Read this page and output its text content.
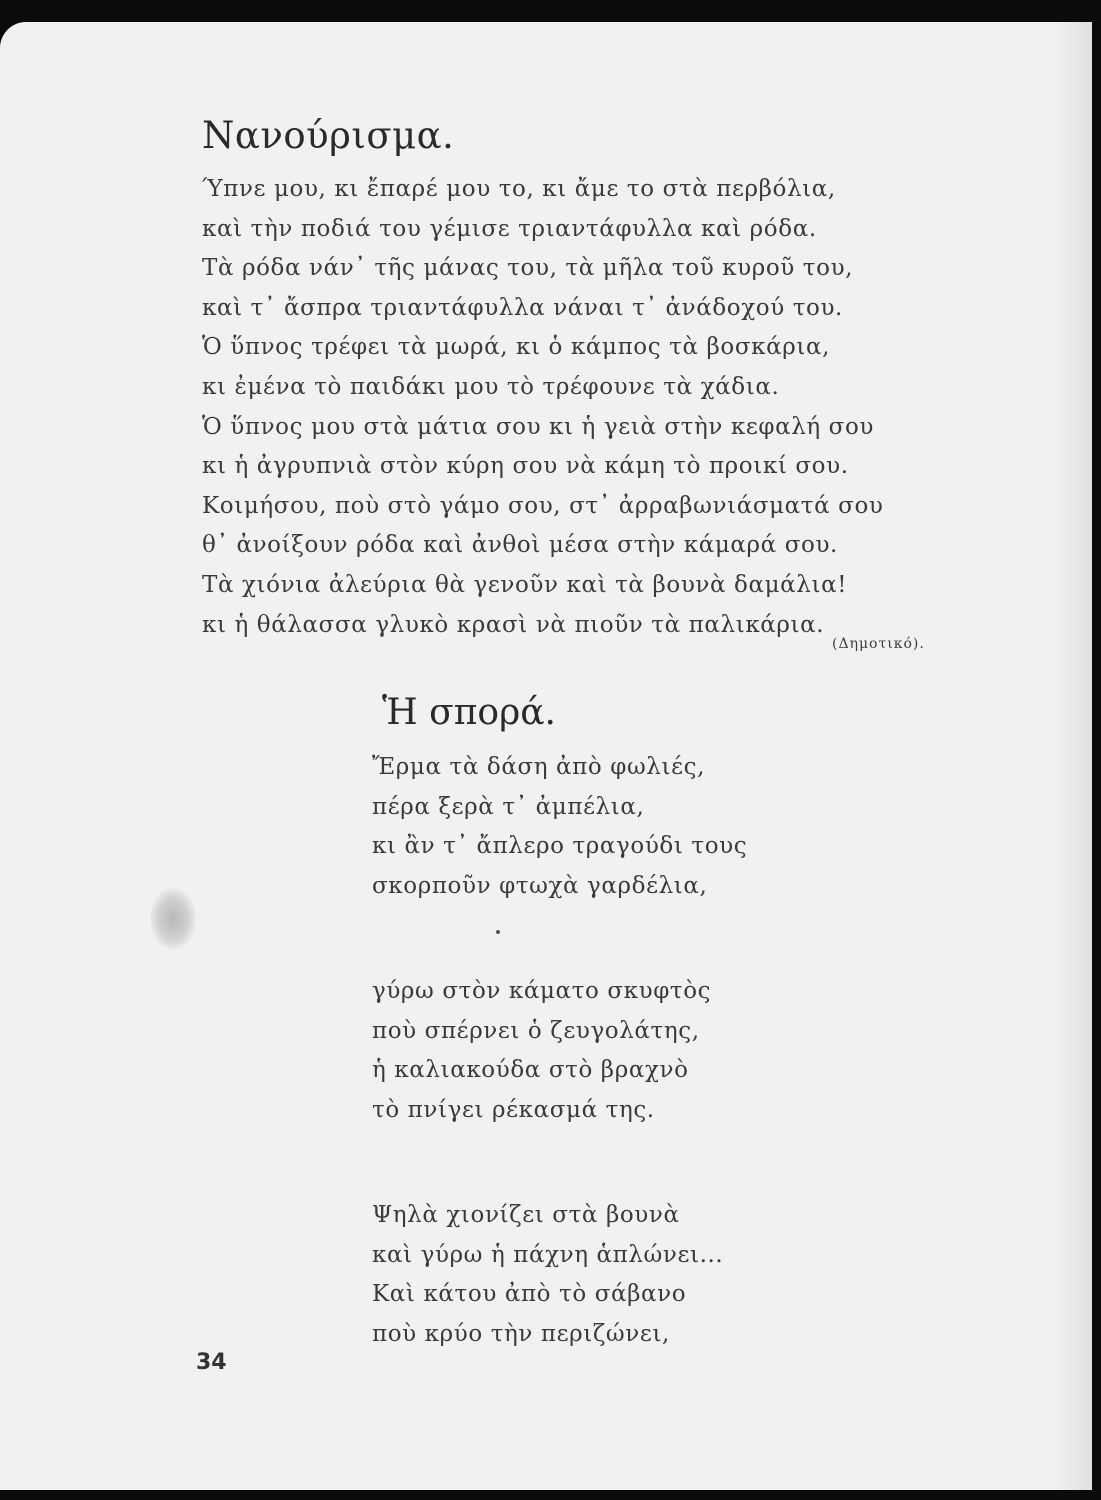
Νανούρισμα.
Ύπνε μου, κι ἔπαρέ μου το, κι ἄμε το στὰ περβόλια,
καὶ τὴν ποδιά του γέμισε τριαντάφυλλα καὶ ρόδα.
Τὰ ρόδα νάν᾽ τῆς μάνας του, τὰ μῆλα τοῦ κυροῦ του,
καὶ τ᾽ ἄσπρα τριαντάφυλλα νάναι τ᾽ ἀνάδοχού του.
Ὁ ὕπνος τρέφει τὰ μωρά, κι ὁ κάμπος τὰ βοσκάρια,
κι ἐμένα τὸ παιδάκι μου τὸ τρέφουνε τὰ χάδια.
Ὁ ὕπνος μου στὰ μάτια σου κι ἡ γειὰ στὴν κεφαλή σου
κι ἡ ἀγρυπνιὰ στὸν κύρη σου νὰ κάμη τὸ προικί σου.
Κοιμήσου, ποὺ στὸ γάμο σου, στ᾽ ἀρραβωνιάσματά σου
θ᾽ ἀνοίξουν ρόδα καὶ ἀνθοὶ μέσα στὴν κάμαρά σου.
Τὰ χιόνια ἀλεύρια θὰ γενοῦν καὶ τὰ βουνὰ δαμάλια!
κι ἡ θάλασσα γλυκὸ κρασὶ νὰ πιοῦν τὰ παλικάρια.
(Δημοτικό).
Ἡ σπορά.
Ἔρμα τὰ δάση ἀπὸ φωλιές,
πέρα ξερὰ τ᾽ ἀμπέλια,
κι ἂν τ᾽ ἄπλερο τραγούδι τους
σκορποῦν φτωχὰ γαρδέλια,
γύρω στὸν κάματο σκυφτὸς
ποὺ σπέρνει ὁ ζευγολάτης,
ἡ καλιακούδα στὸ βραχνὸ
τὸ πνίγει ρέκασμά της.
Ψηλὰ χιονίζει στὰ βουνὰ
καὶ γύρω ἡ πάχνη ἁπλώνει...
Καὶ κάτου ἀπὸ τὸ σάβανο
ποὺ κρύο τὴν περιζώνει,
34
